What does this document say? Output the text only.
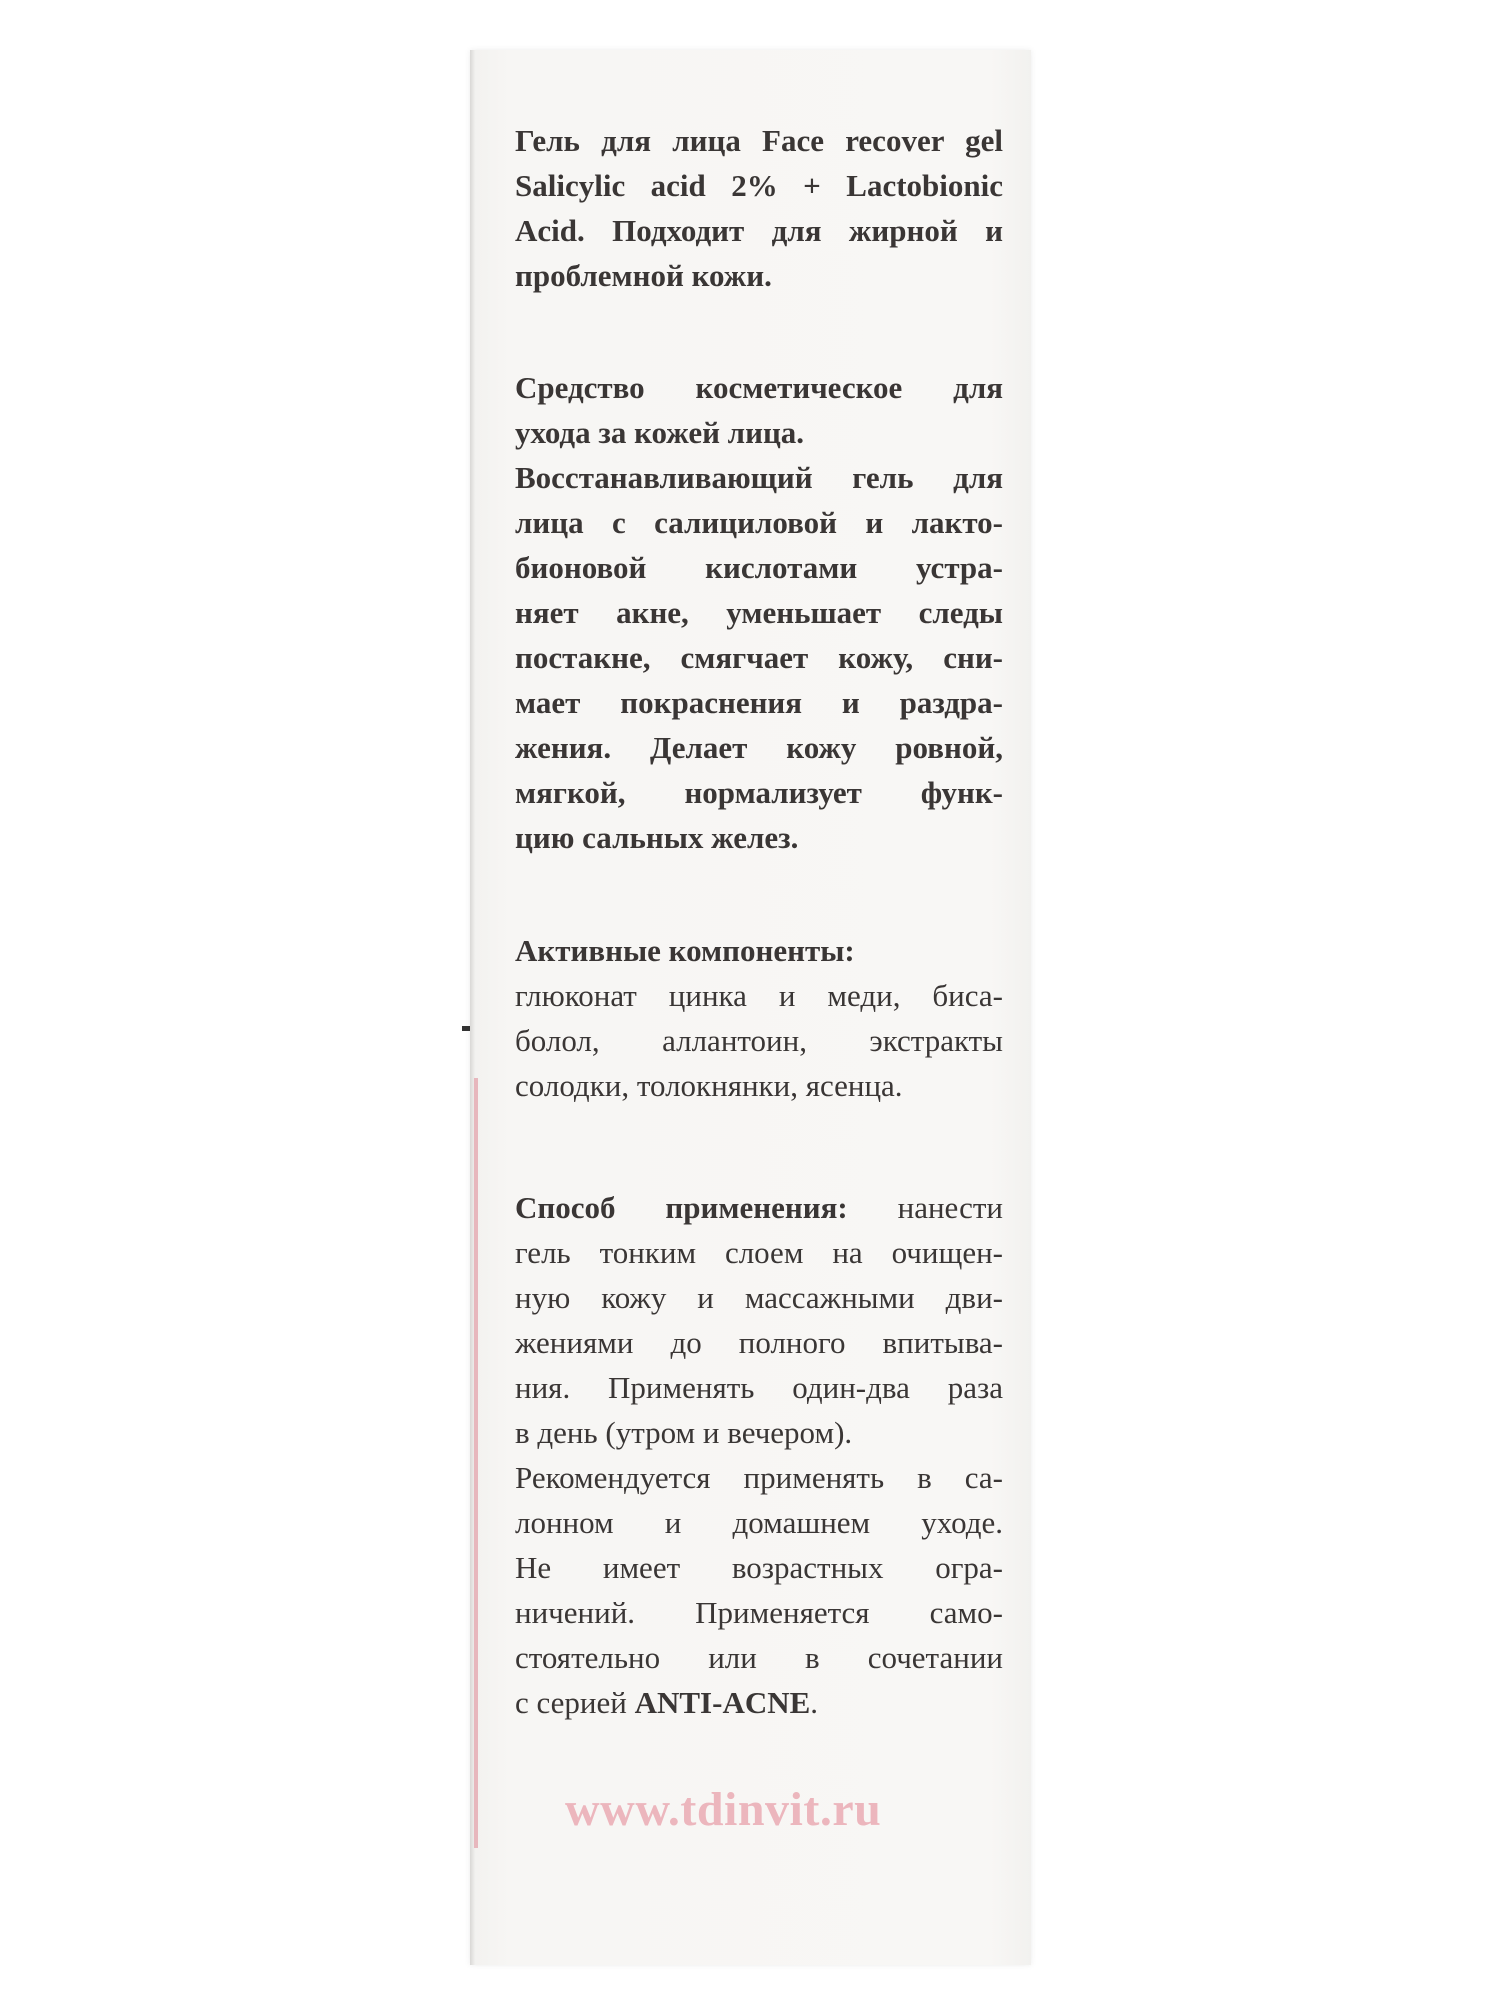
Гель для лица Face recover gel
Salicylic acid 2% + Lactobionic
Acid. Подходит для жирной и
проблемной кожи.
Средство косметическое для
ухода за кожей лица.
Восстанавливающий гель для
лица с салициловой и лакто-
бионовой кислотами устра-
няет акне, уменьшает следы
постакне, смягчает кожу, сни-
мает покраснения и раздра-
жения. Делает кожу ровной,
мягкой, нормализует функ-
цию сальных желез.
Активные компоненты:
глюконат цинка и меди, биса-
болол, аллантоин, экстракты
солодки, толокнянки, ясенца.
Способ применения: нанести
гель тонким слоем на очищен-
ную кожу и массажными дви-
жениями до полного впитыва-
ния. Применять один-два раза
в день (утром и вечером).
Рекомендуется применять в са-
лонном и домашнем уходе.
Не имеет возрастных огра-
ничений. Применяется само-
стоятельно или в сочетании
с серией ANTI-ACNE.
www.tdinvit.ru
